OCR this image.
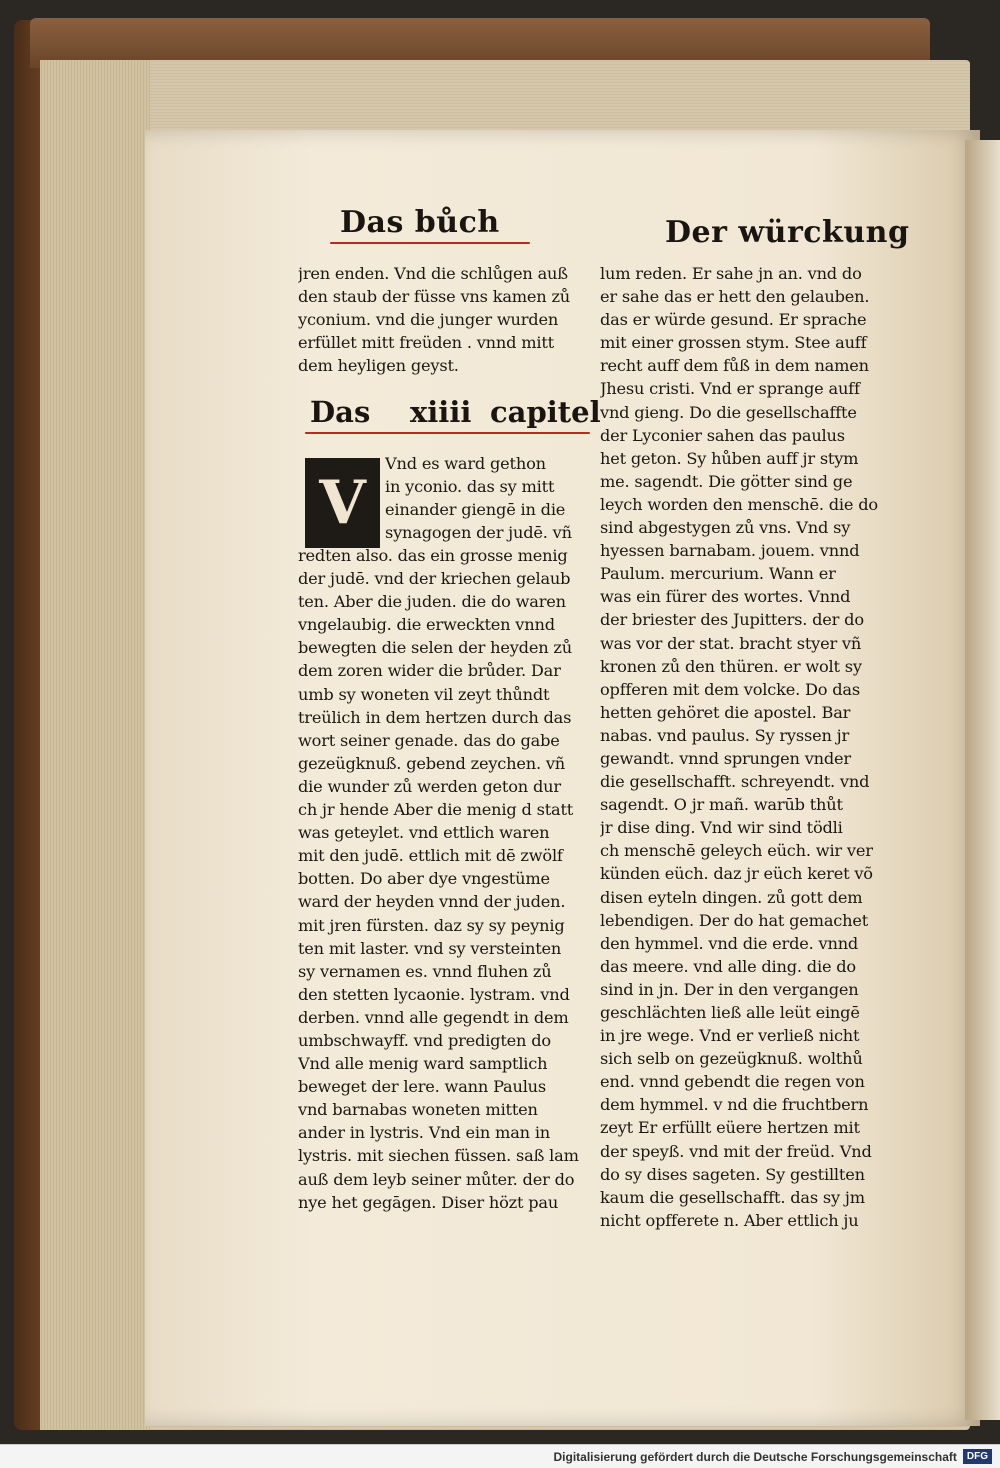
Das bůch	Der würckung
jren enden. Vnd die schlůgen auß
den staub der füsse vns kamen zů
yconium. vnd die junger wurden
erfüllet mitt freüden . vnnd mitt
dem heyligen geyst.
Das xiiii capitel
V
Vnd es ward gethon
in yconio. das sy mitt
einander giengē in die
synagogen der judē. vñ
redten also. das ein grosse menig
der judē. vnd der kriechen gelaub
ten. Aber die juden. die do waren
vngelaubig. die erweckten vnnd
bewegten die selen der heyden zů
dem zoren wider die brůder. Dar
umb sy woneten vil zeyt thůndt
treülich in dem hertzen durch das
wort seiner genade. das do gabe
gezeügknuß. gebend zeychen. vñ
die wunder zů werden geton dur
ch jr hende Aber die menig d statt
was geteylet. vnd ettlich waren
mit den judē. ettlich mit dē zwölf
botten. Do aber dye vngestüme
ward der heyden vnnd der juden.
mit jren fürsten. daz sy sy peynig
ten mit laster. vnd sy versteinten
sy vernamen es. vnnd fluhen zů
den stetten lycaonie. lystram. vnd
derben. vnnd alle gegendt in dem
umbschwayff. vnd predigten do
Vnd alle menig ward samptlich
beweget der lere. wann Paulus
vnd barnabas woneten mitten
ander in lystris. Vnd ein man in
lystris. mit siechen füssen. saß lam
auß dem leyb seiner můter. der do
nye het gegāgen. Diser hözt pau
lum reden. Er sahe jn an. vnd do
er sahe das er hett den gelauben.
das er würde gesund. Er sprache
mit einer grossen stym. Stee auff
recht auff dem fůß in dem namen
Jhesu cristi. Vnd er sprange auff
vnd gieng. Do die gesellschaffte
der Lyconier sahen das paulus
het geton. Sy hůben auff jr stym
me. sagendt. Die götter sind ge
leych worden den menschē. die do
sind abgestygen zů vns. Vnd sy
hyessen barnabam. jouem. vnnd
Paulum. mercurium. Wann er
was ein fürer des wortes. Vnnd
der briester des Jupitters. der do
was vor der stat. bracht styer vñ
kronen zů den thüren. er wolt sy
opfferen mit dem volcke. Do das
hetten gehöret die apostel. Bar
nabas. vnd paulus. Sy ryssen jr
gewandt. vnnd sprungen vnder
die gesellschafft. schreyendt. vnd
sagendt. O jr mañ. warūb thůt
jr dise ding. Vnd wir sind tödli
ch menschē geleych eüch. wir ver
künden eüch. daz jr eüch keret võ
disen eyteln dingen. zů gott dem
lebendigen. Der do hat gemachet
den hymmel. vnd die erde. vnnd
das meere. vnd alle ding. die do
sind in jn. Der in den vergangen
geschlächten ließ alle leüt eingē
in jre wege. Vnd er verließ nicht
sich selb on gezeügknuß. wolthů
end. vnnd gebendt die regen von
dem hymmel. v nd die fruchtbern
zeyt Er erfüllt eüere hertzen mit
der speyß. vnd mit der freüd. Vnd
do sy dises sageten. Sy gestillten
kaum die gesellschafft. das sy jm
nicht opfferete n. Aber ettlich ju
Digitalisierung gefördert durch die Deutsche Forschungsgemeinschaft	DFG
